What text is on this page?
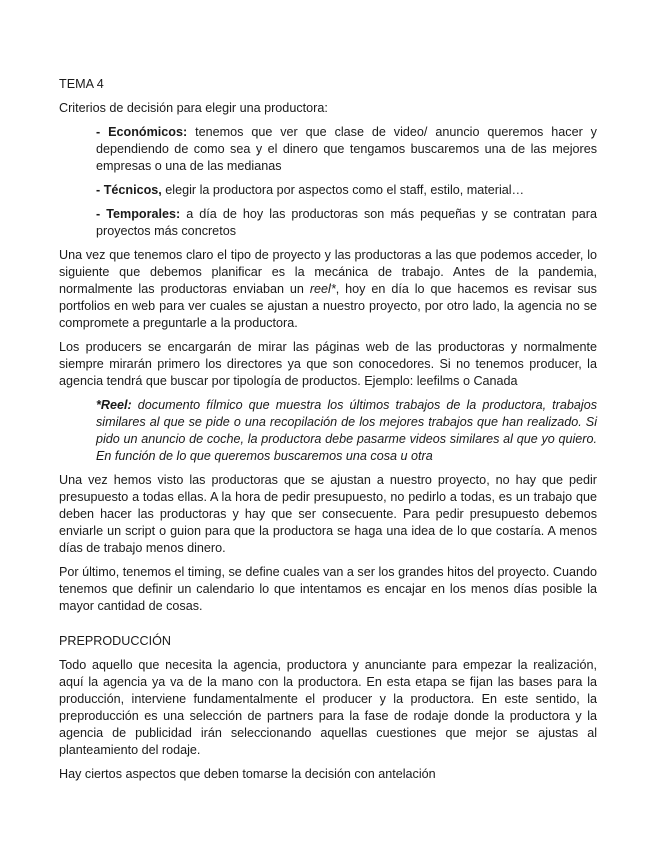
TEMA 4

Criterios de decisión para elegir una productora:

- Económicos: tenemos que ver que clase de video/ anuncio queremos hacer y dependiendo de como sea y el dinero que tengamos buscaremos una de las mejores empresas o una de las medianas

- Técnicos, elegir la productora por aspectos como el staff, estilo, material…

- Temporales: a día de hoy las productoras son más pequeñas y se contratan para proyectos más concretos

Una vez que tenemos claro el tipo de proyecto y las productoras a las que podemos acceder, lo siguiente que debemos planificar es la mecánica de trabajo. Antes de la pandemia, normalmente las productoras enviaban un reel*, hoy en día lo que hacemos es revisar sus portfolios en web para ver cuales se ajustan a nuestro proyecto, por otro lado, la agencia no se compromete a preguntarle a la productora.

Los producers se encargarán de mirar las páginas web de las productoras y normalmente siempre mirarán primero los directores ya que son conocedores. Si no tenemos producer, la agencia tendrá que buscar por tipología de productos. Ejemplo: leefilms o Canada

*Reel: documento fílmico que muestra los últimos trabajos de la productora, trabajos similares al que se pide o una recopilación de los mejores trabajos que han realizado. Si pido un anuncio de coche, la productora debe pasarme videos similares al que yo quiero. En función de lo que queremos buscaremos una cosa u otra

Una vez hemos visto las productoras que se ajustan a nuestro proyecto, no hay que pedir presupuesto a todas ellas. A la hora de pedir presupuesto, no pedirlo a todas, es un trabajo que deben hacer las productoras y hay que ser consecuente. Para pedir presupuesto debemos enviarle un script o guion para que la productora se haga una idea de lo que costaría. A menos días de trabajo menos dinero.

Por último, tenemos el timing, se define cuales van a ser los grandes hitos del proyecto. Cuando tenemos que definir un calendario lo que intentamos es encajar en los menos días posible la mayor cantidad de cosas.

PREPRODUCCIÓN

Todo aquello que necesita la agencia, productora y anunciante para empezar la realización, aquí la agencia ya va de la mano con la productora. En esta etapa se fijan las bases para la producción, interviene fundamentalmente el producer y la productora. En este sentido, la preproducción es una selección de partners para la fase de rodaje donde la productora y la agencia de publicidad irán seleccionando aquellas cuestiones que mejor se ajustas al planteamiento del rodaje.

Hay ciertos aspectos que deben tomarse la decisión con antelación
